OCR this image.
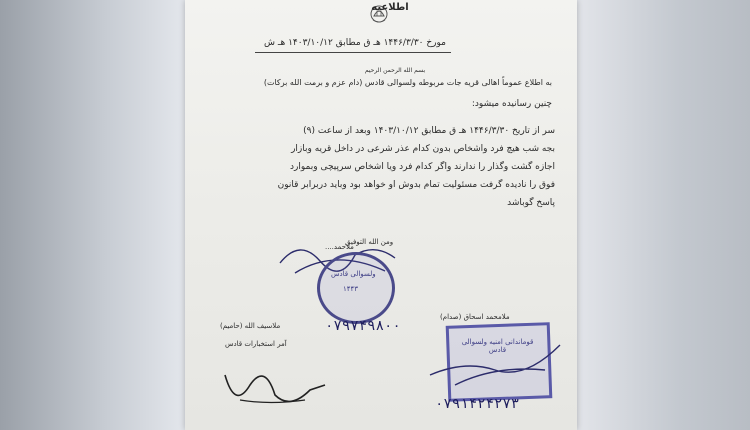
اطلاعیه
مورخ ۱۴۴۶/۳/۳۰ هـ ق مطابق ۱۴۰۳/۱۰/۱۲ هـ ش
بسم الله الرحمن الرحیم
به اطلاع عموماً اهالی قریه جات مربوطه ولسوالی قادس (دام عزم و برمت الله برکات)
چنین رسانیده میشود:
سر از تاریخ ۱۴۴۶/۳/۳۰ هـ ق مطابق ۱۴۰۳/۱۰/۱۲ وبعد از ساعت (۹)
بجه شب هیچ فرد واشخاص بدون کدام عذر شرعی در داخل قریه وبازار
اجازه گشت وگذار را ندارند واگر کدام فرد ویا اشخاص سرپیچی وبموارد
فوق را نادیده گرفت مسئولیت تمام بدوش او خواهد بود وباید دربرابر قانون
پاسخ گوباشد
ومن الله التوفیق
ملاحمد....
ولسوالی قادس
۱۴۴۳
۰۷۹۷۴۹۸۰۰
ملاسیف الله (حامیم)
آمر استخبارات قادس
ملامحمد اسحاق (صدام)
قوماندانی امنیه ولسوالی قادس
۰۷۹۱۴۲۴۲۷۳
